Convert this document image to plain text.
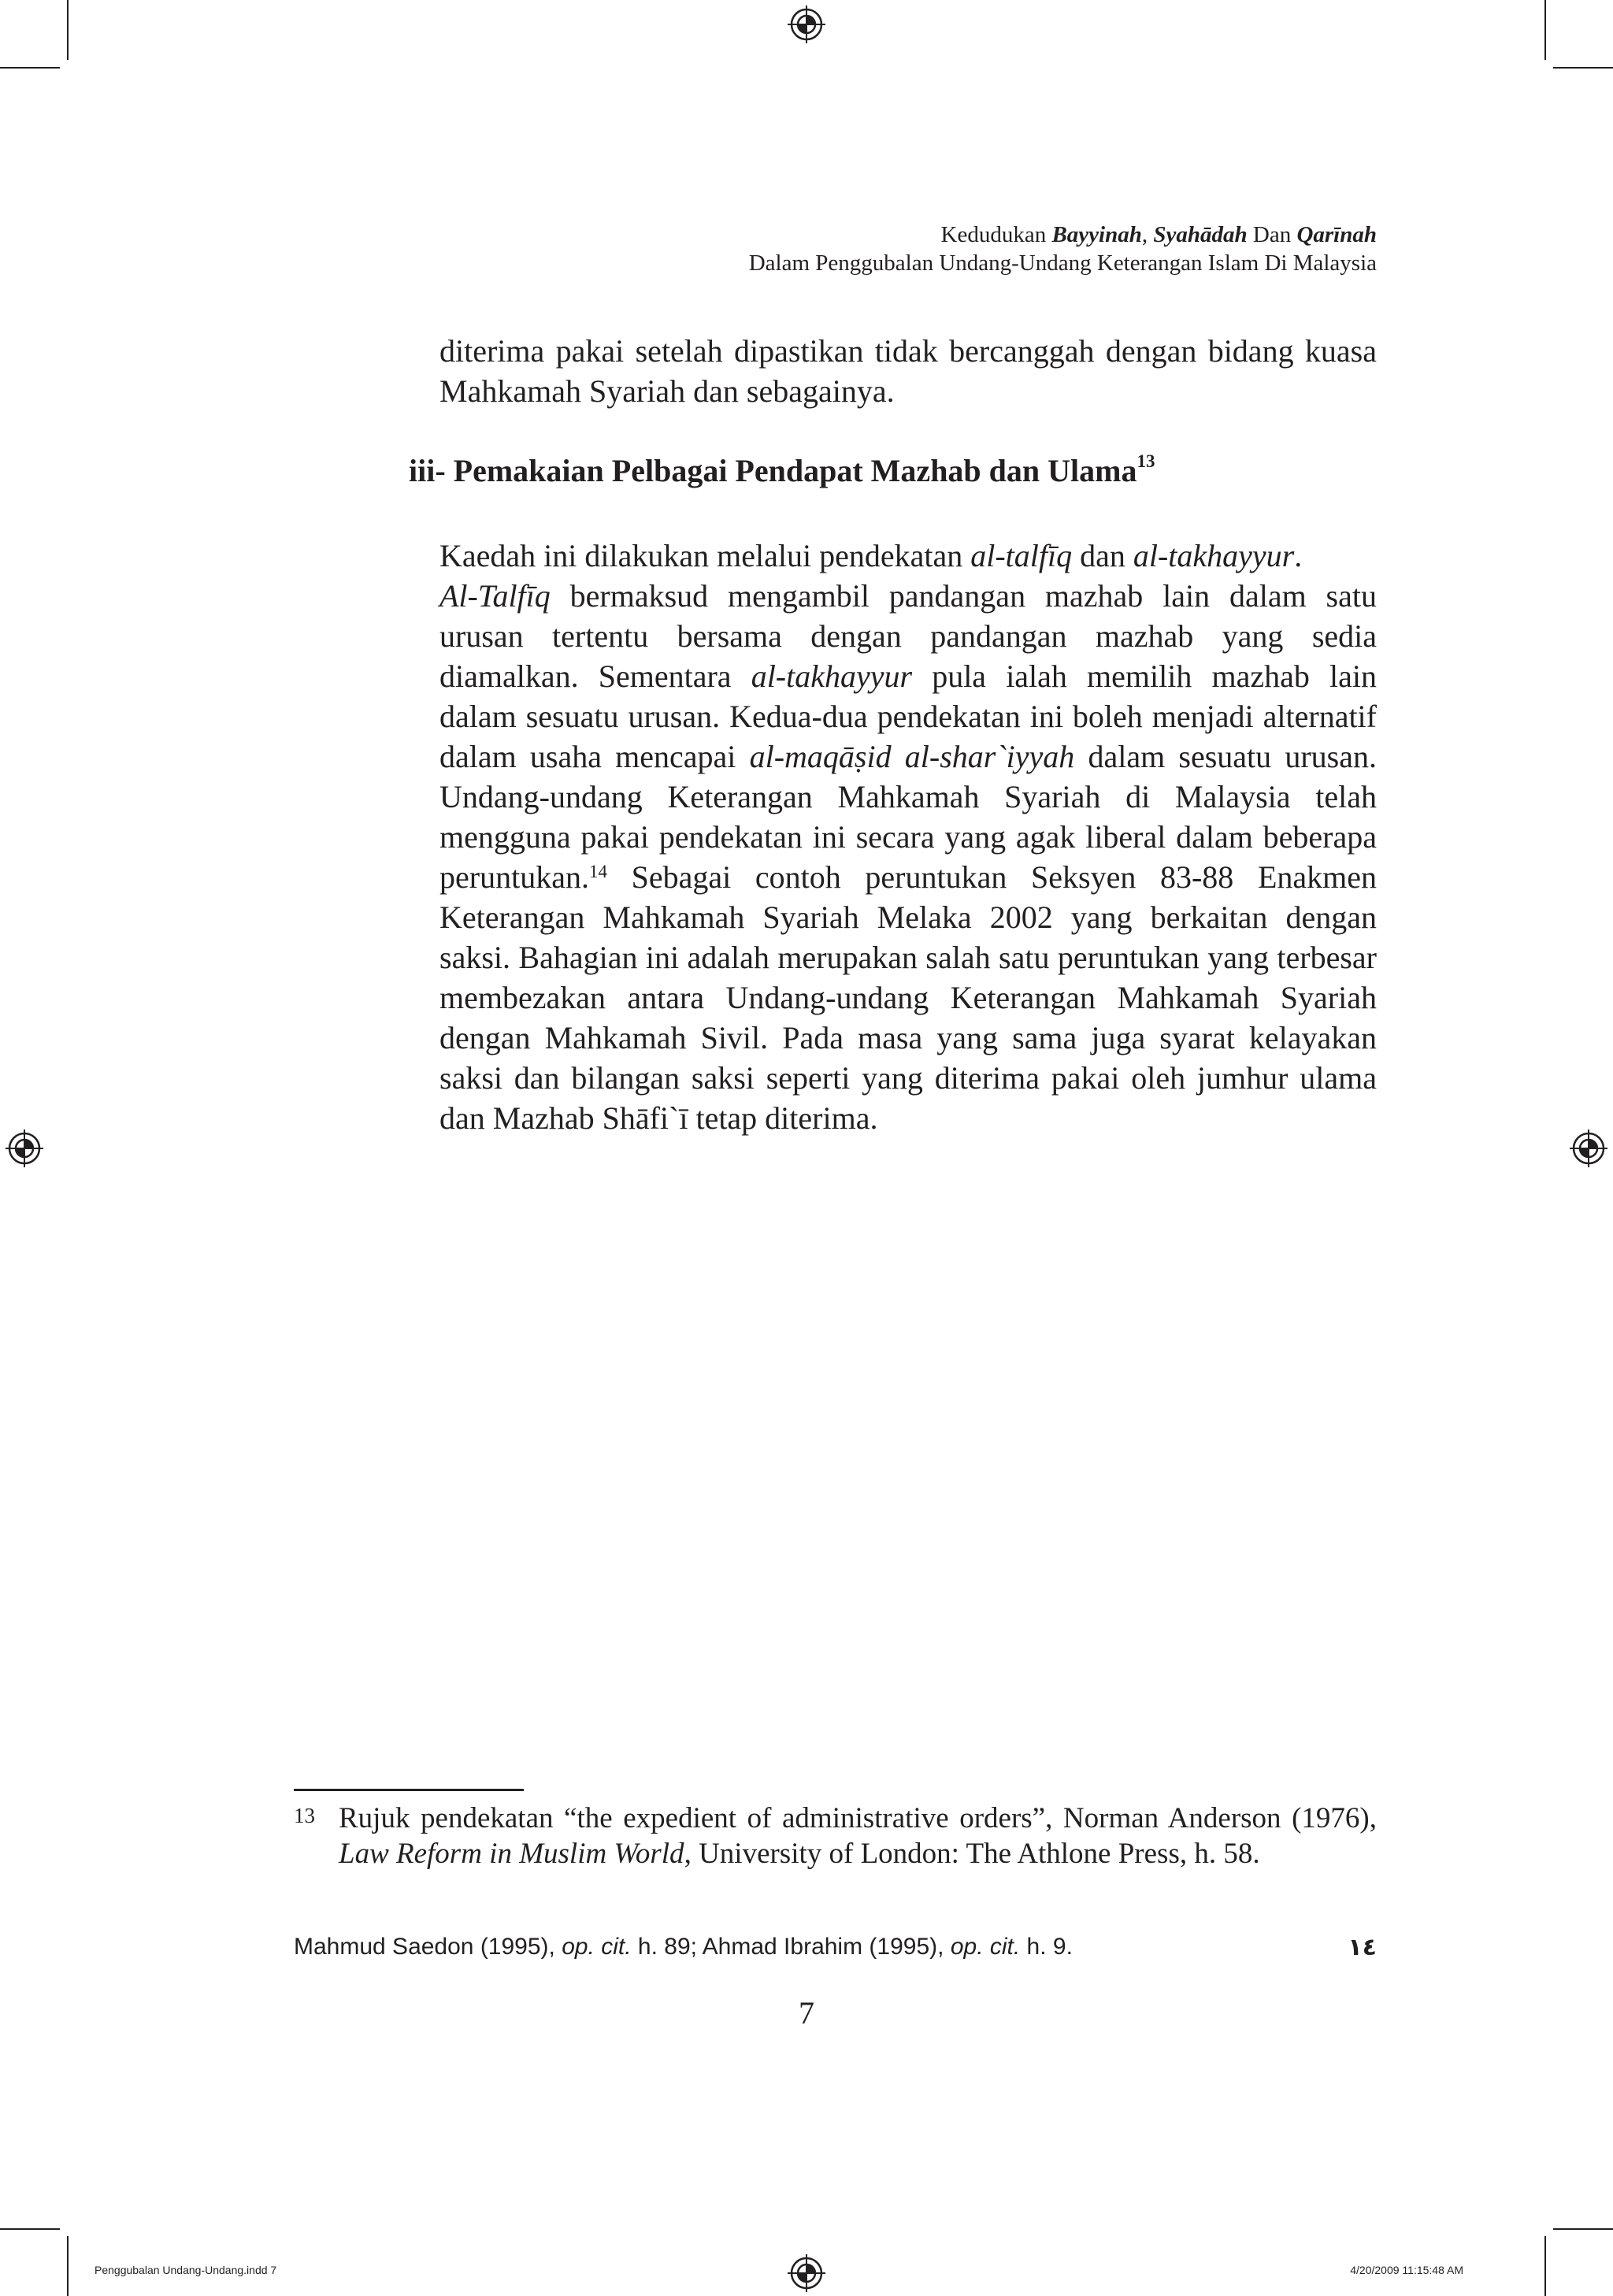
Kedudukan Bayyinah, Syahādah Dan Qarīnah
Dalam Penggubalan Undang-Undang Keterangan Islam Di Malaysia

diterima pakai setelah dipastikan tidak bercanggah dengan bidang kuasa Mahkamah Syariah dan sebagainya.

iii- Pemakaian Pelbagai Pendapat Mazhab dan Ulama$^{13}$

Kaedah ini dilakukan melalui pendekatan al-talfīq dan al-takhayyur.
Al-Talfīq bermaksud mengambil pandangan mazhab lain dalam satu urusan tertentu bersama dengan pandangan mazhab yang sedia diamalkan. Sementara al-takhayyur pula ialah memilih mazhab lain dalam sesuatu urusan. Kedua-dua pendekatan ini boleh menjadi alternatif dalam usaha mencapai al-maqāṣid al-shar`iyyah dalam sesuatu urusan. Undang-undang Keterangan Mahkamah Syariah di Malaysia telah mengguna pakai pendekatan ini secara yang agak liberal dalam beberapa peruntukan.$^{14}$ Sebagai contoh peruntukan Seksyen 83-88 Enakmen Keterangan Mahkamah Syariah Melaka 2002 yang berkaitan dengan saksi. Bahagian ini adalah merupakan salah satu peruntukan yang terbesar membezakan antara Undang-undang Keterangan Mahkamah Syariah dengan Mahkamah Sivil. Pada masa yang sama juga syarat kelayakan saksi dan bilangan saksi seperti yang diterima pakai oleh jumhur ulama dan Mazhab Shāfi`ī tetap diterima.

13 Rujuk pendekatan “the expedient of administrative orders”, Norman Anderson (1976), Law Reform in Muslim World, University of London: The Athlone Press, h. 58.
Mahmud Saedon (1995), op. cit. h. 89; Ahmad Ibrahim (1995), op. cit. h. 9.	١٤
7
Penggubalan Undang-Undang.indd 7	4/20/2009 11:15:48 AM
